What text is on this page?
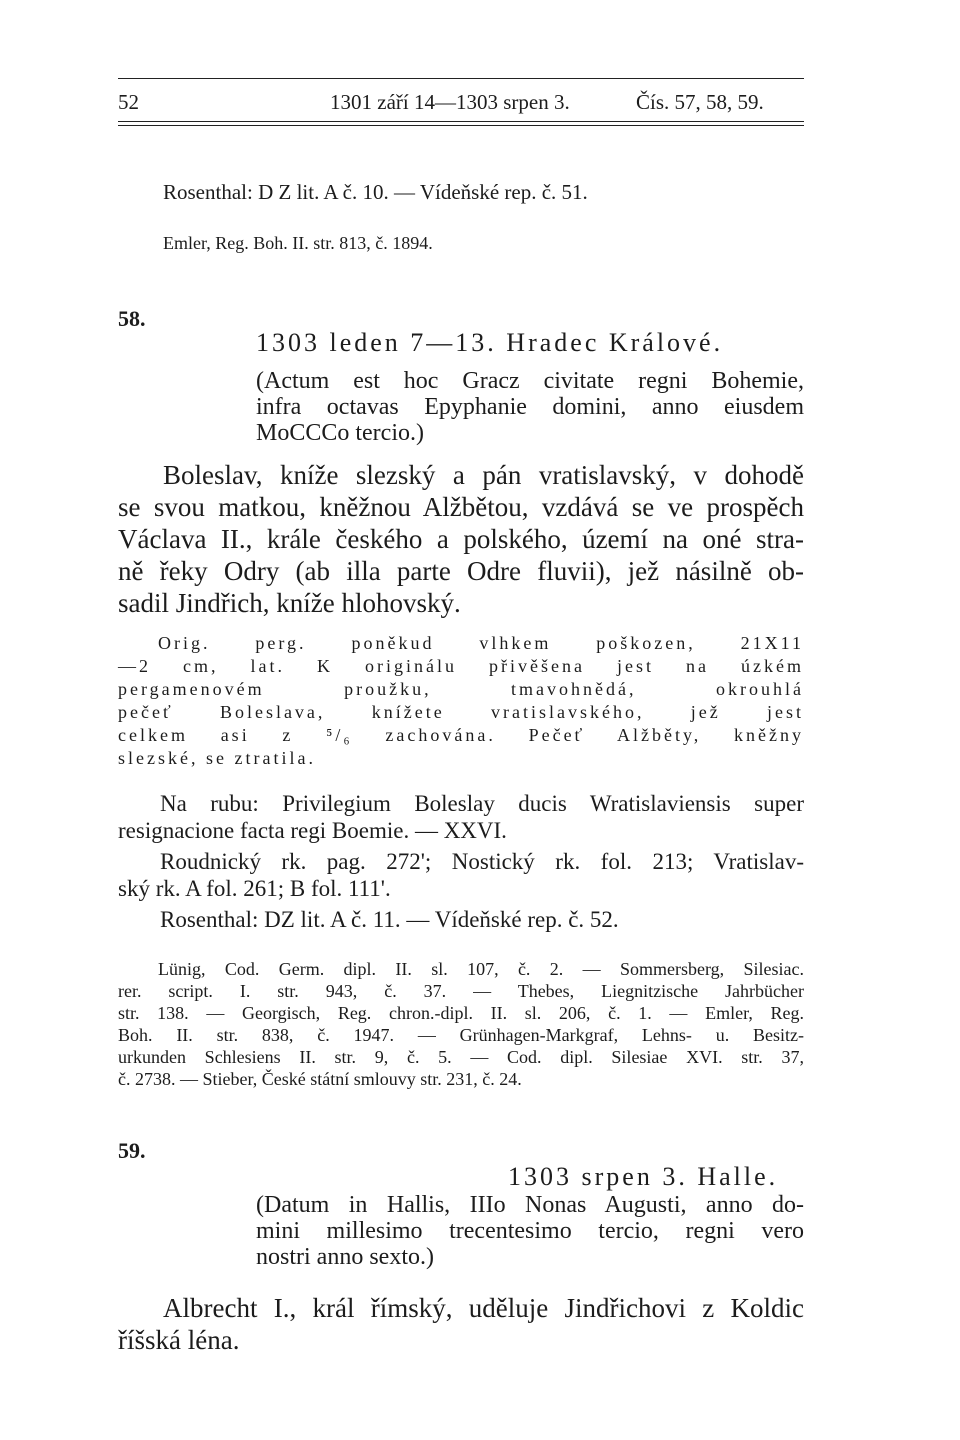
52	1301 září 14—1303 srpen 3.	Čís. 57, 58, 59.
Rosenthal: D Z lit. A č. 10. — Vídeňské rep. č. 51.
Emler, Reg. Boh. II. str. 813, č. 1894.
58.
1303 leden 7—13. Hradec Králové.
(Actum est hoc Gracz civitate regni Bohemie,
infra octavas Epyphanie domini, anno eiusdem
MoCCCo tercio.)
Boleslav, kníže slezský a pán vratislavský, v dohodě
se svou matkou, kněžnou Alžbětou, vzdává se ve prospěch
Václava II., krále českého a polského, území na oné stra-
ně řeky Odry (ab illa parte Odre fluvii), jež násilně ob-
sadil Jindřich, kníže hlohovský.
Orig. perg. poněkud vlhkem poškozen, 21X11
—2 cm, lat. K originálu přivěšena jest na úzkém
pergamenovém proužku, tmavohnědá, okrouhlá
pečeť Boleslava, knížete vratislavského, jež jest
celkem asi z ⁵/₆ zachována. Pečeť Alžběty, kněžny
slezské, se ztratila.
Na rubu: Privilegium Boleslay ducis Wratislaviensis super
resignacione facta regi Boemie. — XXVI.
Roudnický rk. pag. 272'; Nostický rk. fol. 213; Vratislav-
ský rk. A fol. 261; B fol. 111'.
Rosenthal: DZ lit. A č. 11. — Vídeňské rep. č. 52.
Lünig, Cod. Germ. dipl. II. sl. 107, č. 2. — Sommersberg, Silesiac.
rer. script. I. str. 943, č. 37. — Thebes, Liegnitzische Jahrbücher
str. 138. — Georgisch, Reg. chron.-dipl. II. sl. 206, č. 1. — Emler, Reg.
Boh. II. str. 838, č. 1947. — Grünhagen-Markgraf, Lehns- u. Besitz-
urkunden Schlesiens II. str. 9, č. 5. — Cod. dipl. Silesiae XVI. str. 37,
č. 2738. — Stieber, České státní smlouvy str. 231, č. 24.
59.
1303 srpen 3. Halle.
(Datum in Hallis, IIIo Nonas Augusti, anno do-
mini millesimo trecentesimo tercio, regni vero
nostri anno sexto.)
Albrecht I., král římský, uděluje Jindřichovi z Koldic
říšská léna.
